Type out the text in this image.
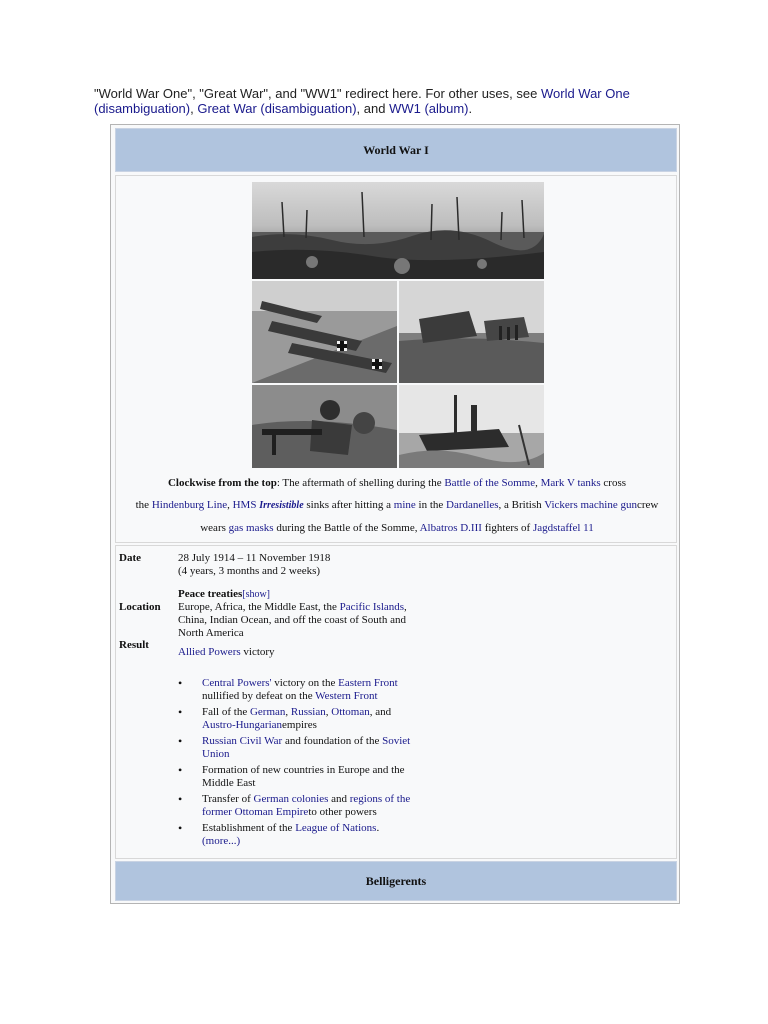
"World War One", "Great War", and "WW1" redirect here. For other uses, see World War One (disambiguation), Great War (disambiguation), and WW1 (album).
World War I
Clockwise from the top: The aftermath of shelling during the Battle of the Somme, Mark V tanks cross
the Hindenburg Line, HMS Irresistible sinks after hitting a mine in the Dardanelles, a British Vickers machine guncrew
wears gas masks during the Battle of the Somme, Albatros D.III fighters of Jagdstaffel 11
Date	28 July 1914 – 11 November 1918
(4 years, 3 months and 2 weeks)
Peace treaties[show]
Location Europe, Africa, the Middle East, the Pacific Islands, China, Indian Ocean, and off the coast of South and North America
Result
Allied Powers victory
• Central Powers' victory on the Eastern Front nullified by defeat on the Western Front
• Fall of the German, Russian, Ottoman, and Austro-Hungarianempires
• Russian Civil War and foundation of the Soviet Union
• Formation of new countries in Europe and the Middle East
• Transfer of German colonies and regions of the former Ottoman Empireto other powers
• Establishment of the League of Nations.
(more...)
Belligerents
